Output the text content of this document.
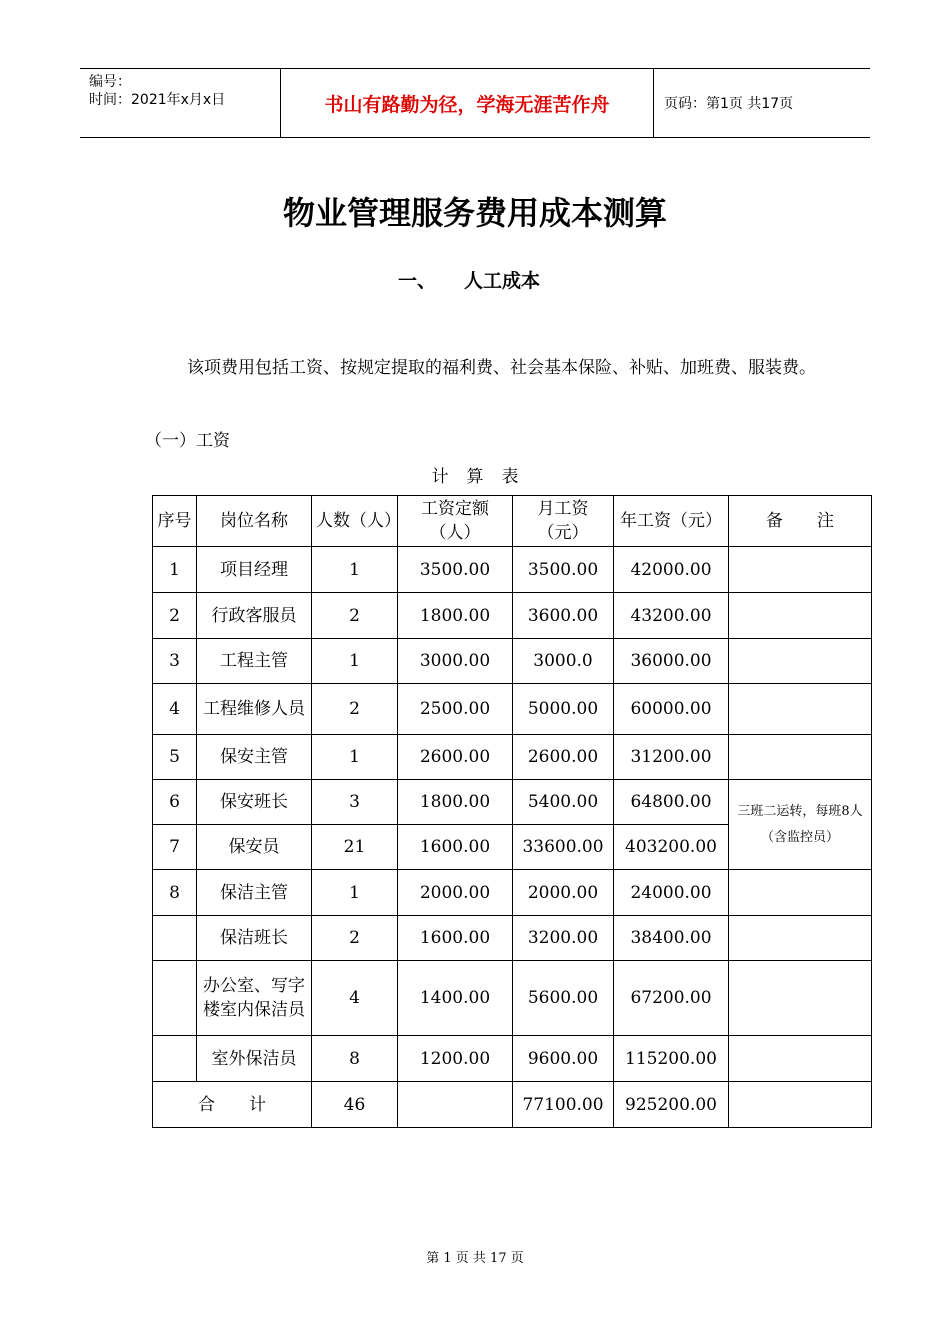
编号：
时间：2021年x月x日	书山有路勤为径，学海无涯苦作舟	页码：第1页 共17页
物业管理服务费用成本测算
一、 人工成本
该项费用包括工资、按规定提取的福利费、社会基本保险、补贴、加班费、服装费。
（一）工资
计算表
序号	岗位名称	人数（人）	工资定额（人）	月工资（元）	年工资（元）	备　　注
1	项目经理	1	3500.00	3500.00	42000.00	
2	行政客服员	2	1800.00	3600.00	43200.00	
3	工程主管	1	3000.00	3000.0	36000.00	
4	工程维修人员	2	2500.00	5000.00	60000.00	
5	保安主管	1	2600.00	2600.00	31200.00	
6	保安班长	3	1800.00	5400.00	64800.00	三班二运转，每班8人（含监控员）
7	保安员	21	1600.00	33600.00	403200.00	
8	保洁主管	1	2000.00	2000.00	24000.00	
	保洁班长	2	1600.00	3200.00	38400.00	
	办公室、写字楼室内保洁员	4	1400.00	5600.00	67200.00	
	室外保洁员	8	1200.00	9600.00	115200.00	
合　　计		46		77100.00	925200.00	
第 1 页 共 17 页
